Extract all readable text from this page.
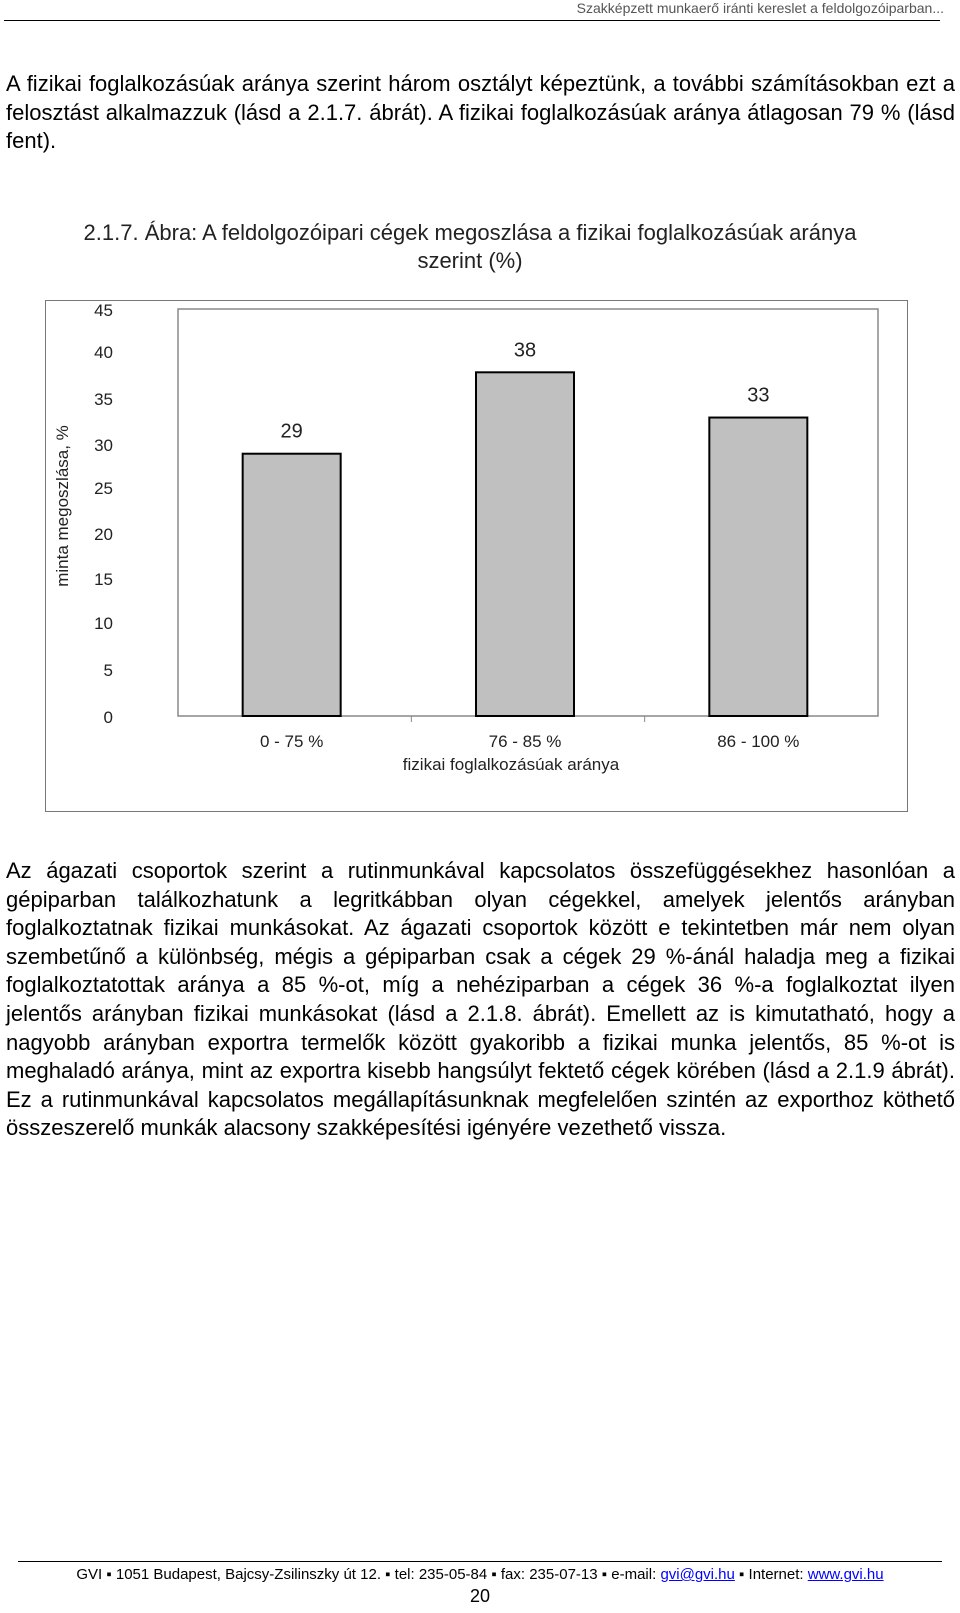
Szakképzett munkaerő iránti kereslet a feldolgozóiparban...

A fizikai foglalkozásúak aránya szerint három osztályt képeztünk, a további számításokban ezt a felosztást alkalmazzuk (lásd a 2.1.7. ábrát). A fizikai foglalkozásúak aránya átlagosan 79 % (lásd fent).

2.1.7. Ábra: A feldolgozóipari cégek megoszlása a fizikai foglalkozásúak aránya
szerint (%)
0
5
10
15
20
25
30
35
40
45
minta megoszlása, %	29
0 - 75 %
38
76 - 85 %
33
86 - 100 %
fizikai foglalkozásúak aránya

Az ágazati csoportok szerint a rutinmunkával kapcsolatos összefüggésekhez hasonlóan a gépiparban találkozhatunk a legritkábban olyan cégekkel, amelyek jelentős arányban foglalkoztatnak fizikai munkásokat. Az ágazati csoportok között e tekintetben már nem olyan szembetűnő a különbség, mégis a gépiparban csak a cégek 29 %-ánál haladja meg a fizikai foglalkoztatottak aránya a 85 %-ot, míg a nehéziparban a cégek 36 %-a foglalkoztat ilyen jelentős arányban fizikai munkásokat (lásd a 2.1.8. ábrát). Emellett az is kimutatható, hogy a nagyobb arányban exportra termelők között gyakoribb a fizikai munka jelentős, 85 %-ot is meghaladó aránya, mint az exportra kisebb hangsúlyt fektető cégek körében (lásd a 2.1.9 ábrát). Ez a rutinmunkával kapcsolatos megállapításunknak megfelelően szintén az exporthoz köthető összeszerelő munkák alacsony szakképesítési igényére vezethető vissza.

GVI ▪ 1051 Budapest, Bajcsy-Zsilinszky út 12. ▪ tel: 235-05-84 ▪ fax: 235-07-13 ▪ e-mail: gvi@gvi.hu ▪ Internet: www.gvi.hu
20
